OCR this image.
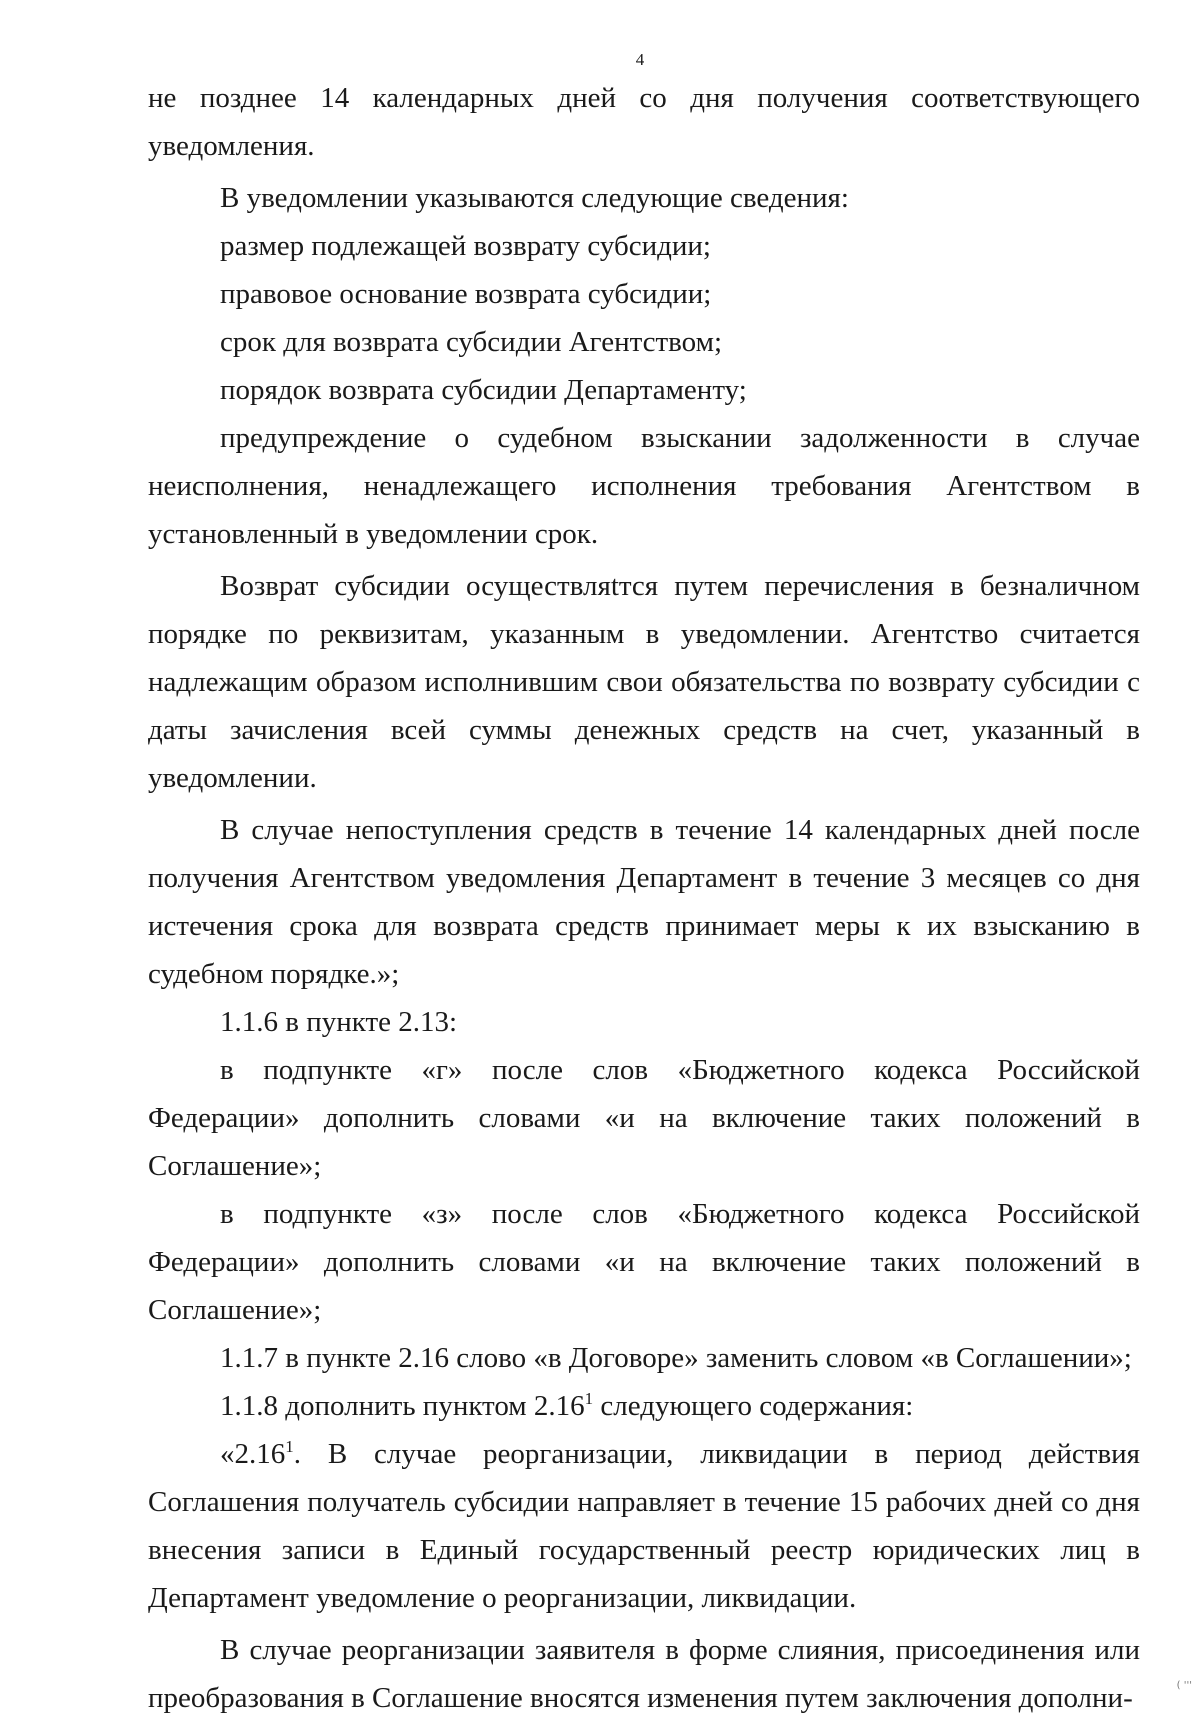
4

не позднее 14 календарных дней со дня получения соответствующего уведомления.

В уведомлении указываются следующие сведения:

размер подлежащей возврату субсидии;

правовое основание возврата субсидии;

срок для возврата субсидии Агентством;

порядок возврата субсидии Департаменту;

предупреждение о судебном взыскании задолженности в случае неисполнения, ненадлежащего исполнения требования Агентством в установленный в уведомлении срок.

Возврат субсидии осуществляtтся путем перечисления в безналичном порядке по реквизитам, указанным в уведомлении. Агентство считается надлежащим образом исполнившим свои обязательства по возврату субсидии с даты зачисления всей суммы денежных средств на счет, указанный в уведомлении.

В случае непоступления средств в течение 14 календарных дней после получения Агентством уведомления Департамент в течение 3 месяцев со дня истечения срока для возврата средств принимает меры к их взысканию в судебном порядке.»;

1.1.6 в пункте 2.13:

в подпункте «г» после слов «Бюджетного кодекса Российской Федерации» дополнить словами «и на включение таких положений в Соглашение»;

в подпункте «з» после слов «Бюджетного кодекса Российской Федерации» дополнить словами «и на включение таких положений в Соглашение»;

1.1.7 в пункте 2.16 слово «в Договоре» заменить словом «в Соглашении»;

1.1.8 дополнить пунктом 2.16$^1$ следующего содержания:

«2.16$^1$. В случае реорганизации, ликвидации в период действия Соглашения получатель субсидии направляет в течение 15 рабочих дней со дня внесения записи в Единый государственный реестр юридических лиц в Департамент уведомление о реорганизации, ликвидации.

В случае реорганизации заявителя в форме слияния, присоединения или преобразования в Соглашение вносятся изменения путем заключения дополни-	( '''
